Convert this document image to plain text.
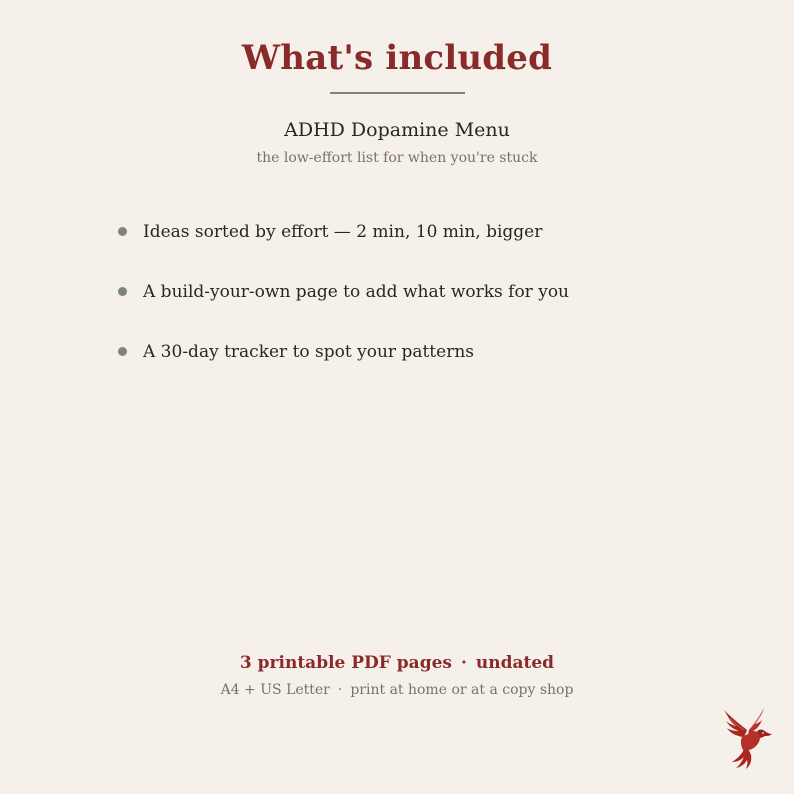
What's included
ADHD Dopamine Menu
the low-effort list for when you're stuck
Ideas sorted by effort — 2 min, 10 min, bigger
A build-your-own page to add what works for you
A 30-day tracker to spot your patterns
3 printable PDF pages · undated
A4 + US Letter · print at home or at a copy shop
